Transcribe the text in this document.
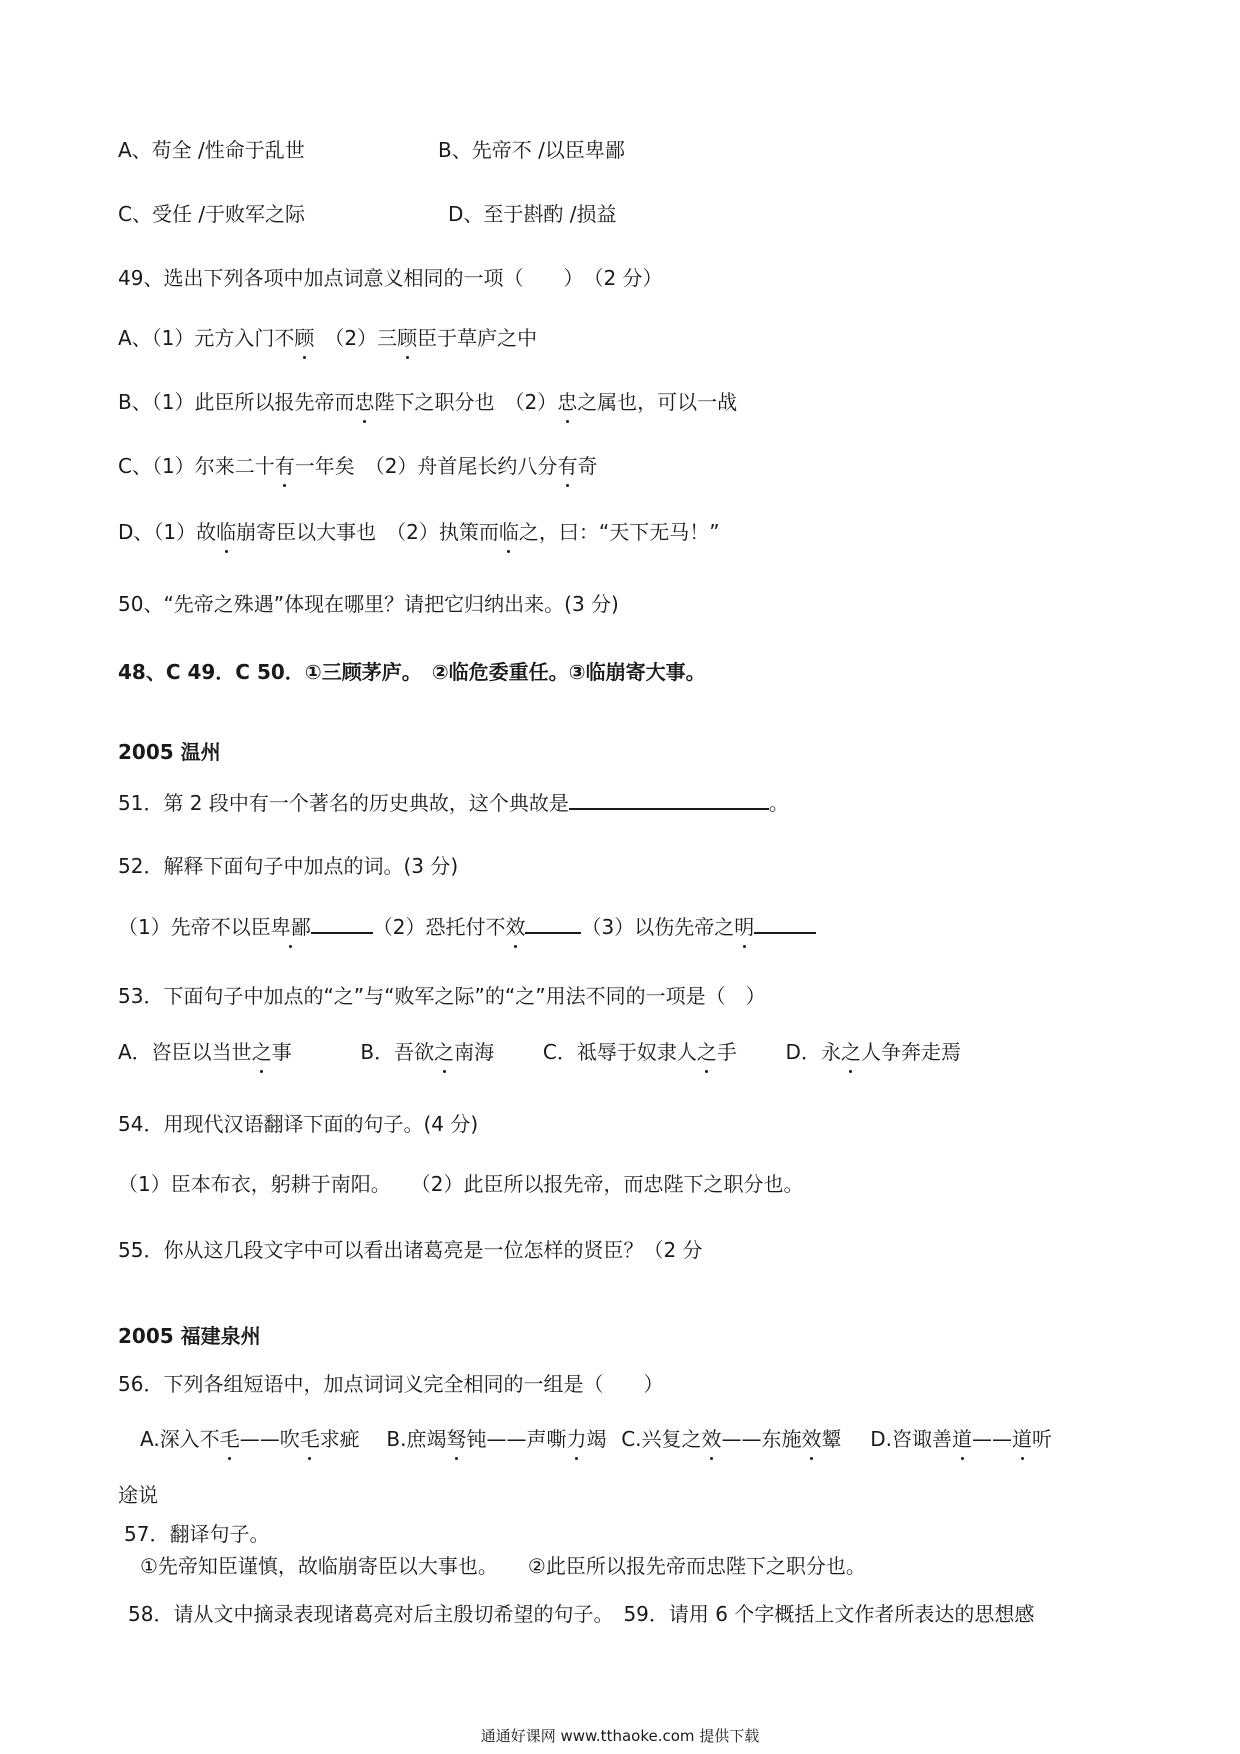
A、苟全 /性命于乱世	B、先帝不 /以臣卑鄙
C、受任 /于败军之际	D、至于斟酌 /损益
49、选出下列各项中加点词意义相同的一项（　　）　（2 分）
A、（1）元方入门不顾　（2）三顾臣于草庐之中
B、（1）此臣所以报先帝而忠陛下之职分也　（2）忠之属也，可以一战
C、（1）尔来二十有一年矣　（2）舟首尾长约八分有奇
D、（1）故临崩寄臣以大事也　（2）执策而临之，曰：“天下无马！”
50、“先帝之殊遇”体现在哪里？请把它归纳出来。(3 分)
48、C 49．C 50．①三顾茅庐。　②临危委重任。③临崩寄大事。
2005 温州
51．第 2 段中有一个著名的历史典故，这个典故是	。
52．解释下面句子中加点的词。(3 分)
（1）先帝不以臣卑鄙	（2）恐托付不效	（3）以伤先帝之明
53．下面句子中加点的“之”与“败军之际”的“之”用法不同的一项是（　）
A．咨臣以当世之事	B．吾欲之南海 C．祗辱于奴隶人之手 D．永之人争奔走焉
54．用现代汉语翻译下面的句子。(4 分)
（1）臣本布衣，躬耕于南阳。　　（2）此臣所以报先帝，而忠陛下之职分也。
55．你从这几段文字中可以看出诸葛亮是一位怎样的贤臣？（2 分
2005 福建泉州
56．下列各组短语中，加点词词义完全相同的一组是（　　）
A.深入不毛——吹毛求疵 B.庶竭驽钝——声嘶力竭 C.兴复之效——东施效颦 D.咨诹善道——道听
途说
57．翻译句子。
①先帝知臣谨慎，故临崩寄臣以大事也。　　②此臣所以报先帝而忠陛下之职分也。
58．请从文中摘录表现诸葛亮对后主殷切希望的句子。　59．请用 6 个字概括上文作者所表达的思想感
通通好课网 www.tthaoke.com 提供下载
